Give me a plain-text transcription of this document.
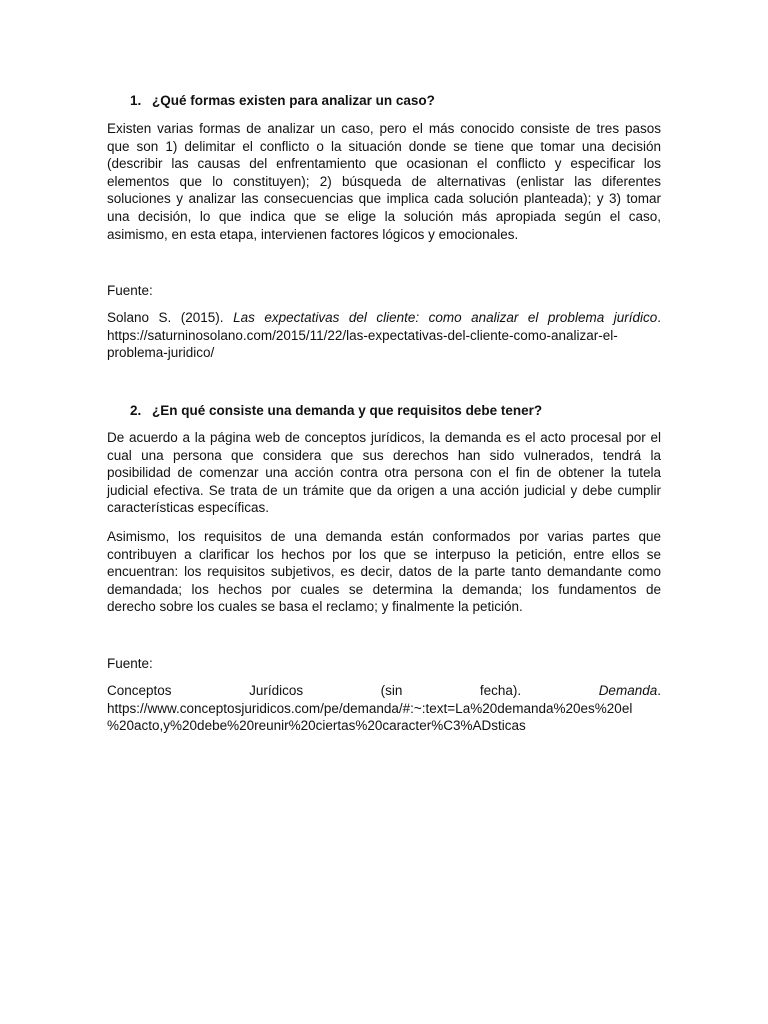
1. ¿Qué formas existen para analizar un caso?
Existen varias formas de analizar un caso, pero el más conocido consiste de tres pasos
que son 1) delimitar el conflicto o la situación donde se tiene que tomar una decisión
(describir las causas del enfrentamiento que ocasionan el conflicto y especificar los
elementos que lo constituyen); 2) búsqueda de alternativas (enlistar las diferentes
soluciones y analizar las consecuencias que implica cada solución planteada); y 3) tomar
una decisión, lo que indica que se elige la solución más apropiada según el caso,
asimismo, en esta etapa, intervienen factores lógicos y emocionales.
Fuente:
Solano S. (2015). Las expectativas del cliente: como analizar el problema jurídico.
https://saturninosolano.com/2015/11/22/las-expectativas-del-cliente-como-analizar-el-
problema-juridico/
2. ¿En qué consiste una demanda y que requisitos debe tener?
De acuerdo a la página web de conceptos jurídicos, la demanda es el acto procesal por el
cual una persona que considera que sus derechos han sido vulnerados, tendrá la
posibilidad de comenzar una acción contra otra persona con el fin de obtener la tutela
judicial efectiva. Se trata de un trámite que da origen a una acción judicial y debe cumplir
características específicas.
Asimismo, los requisitos de una demanda están conformados por varias partes que
contribuyen a clarificar los hechos por los que se interpuso la petición, entre ellos se
encuentran: los requisitos subjetivos, es decir, datos de la parte tanto demandante como
demandada; los hechos por cuales se determina la demanda; los fundamentos de
derecho sobre los cuales se basa el reclamo; y finalmente la petición.
Fuente:
Conceptos	Jurídicos	(sin	fecha).	Demanda.
https://www.conceptosjuridicos.com/pe/demanda/#:~:text=La%20demanda%20es%20el
%20acto,y%20debe%20reunir%20ciertas%20caracter%C3%ADsticas
